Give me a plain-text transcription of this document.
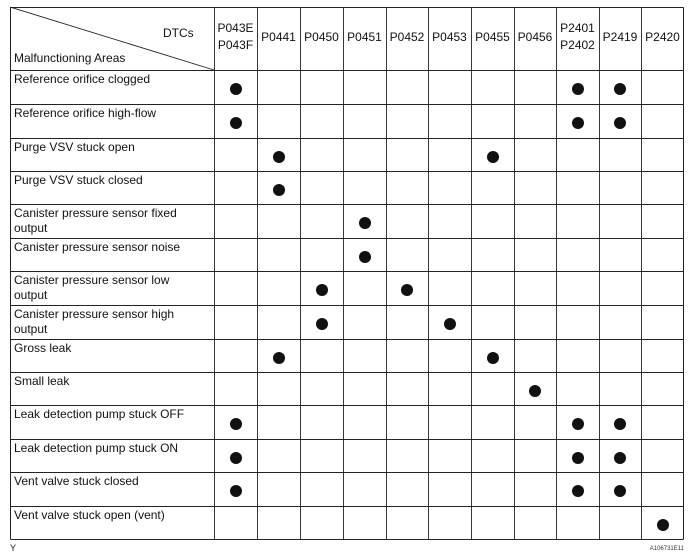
DTCs
Malfunctioning Areas
P043E
P043F
P0441 P0450 P0451 P0452 P0453 P0455 P0456
P2401
P2402
P2419 P2420
Reference orifice clogged
Reference orifice high-flow
Purge VSV stuck open
Purge VSV stuck closed
Canister pressure sensor fixed
output
Canister pressure sensor noise
Canister pressure sensor low
output
Canister pressure sensor high
output
Gross leak
Small leak
Leak detection pump stuck OFF
Leak detection pump stuck ON
Vent valve stuck closed
Vent valve stuck open (vent)
Y	A106731E11
